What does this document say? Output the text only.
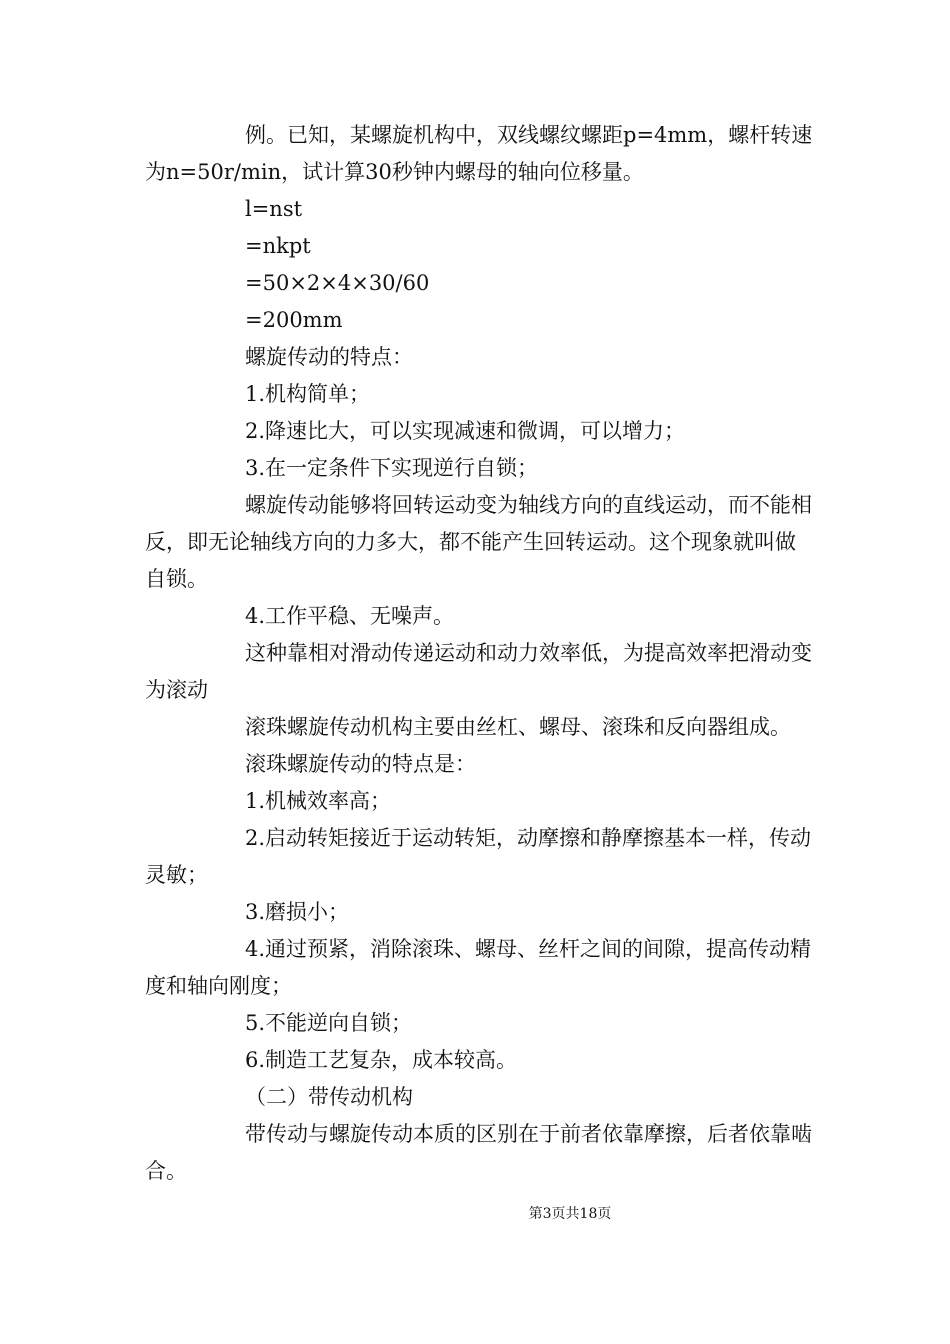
例。已知，某螺旋机构中，双线螺纹螺距p=4mm，螺杆转速为n=50r/min，试计算30秒钟内螺母的轴向位移量。

l=nst

=nkpt

=50×2×4×30/60

=200mm

螺旋传动的特点：

1.机构简单；

2.降速比大，可以实现减速和微调，可以增力；

3.在一定条件下实现逆行自锁；

螺旋传动能够将回转运动变为轴线方向的直线运动，而不能相反，即无论轴线方向的力多大，都不能产生回转运动。这个现象就叫做自锁。

4.工作平稳、无噪声。

这种靠相对滑动传递运动和动力效率低，为提高效率把滑动变为滚动

滚珠螺旋传动机构主要由丝杠、螺母、滚珠和反向器组成。

滚珠螺旋传动的特点是：

1.机械效率高；

2.启动转矩接近于运动转矩，动摩擦和静摩擦基本一样，传动灵敏；

3.磨损小；

4.通过预紧，消除滚珠、螺母、丝杆之间的间隙，提高传动精度和轴向刚度；

5.不能逆向自锁；

6.制造工艺复杂，成本较高。

（二）带传动机构

带传动与螺旋传动本质的区别在于前者依靠摩擦，后者依靠啮合。

第3页共18页
